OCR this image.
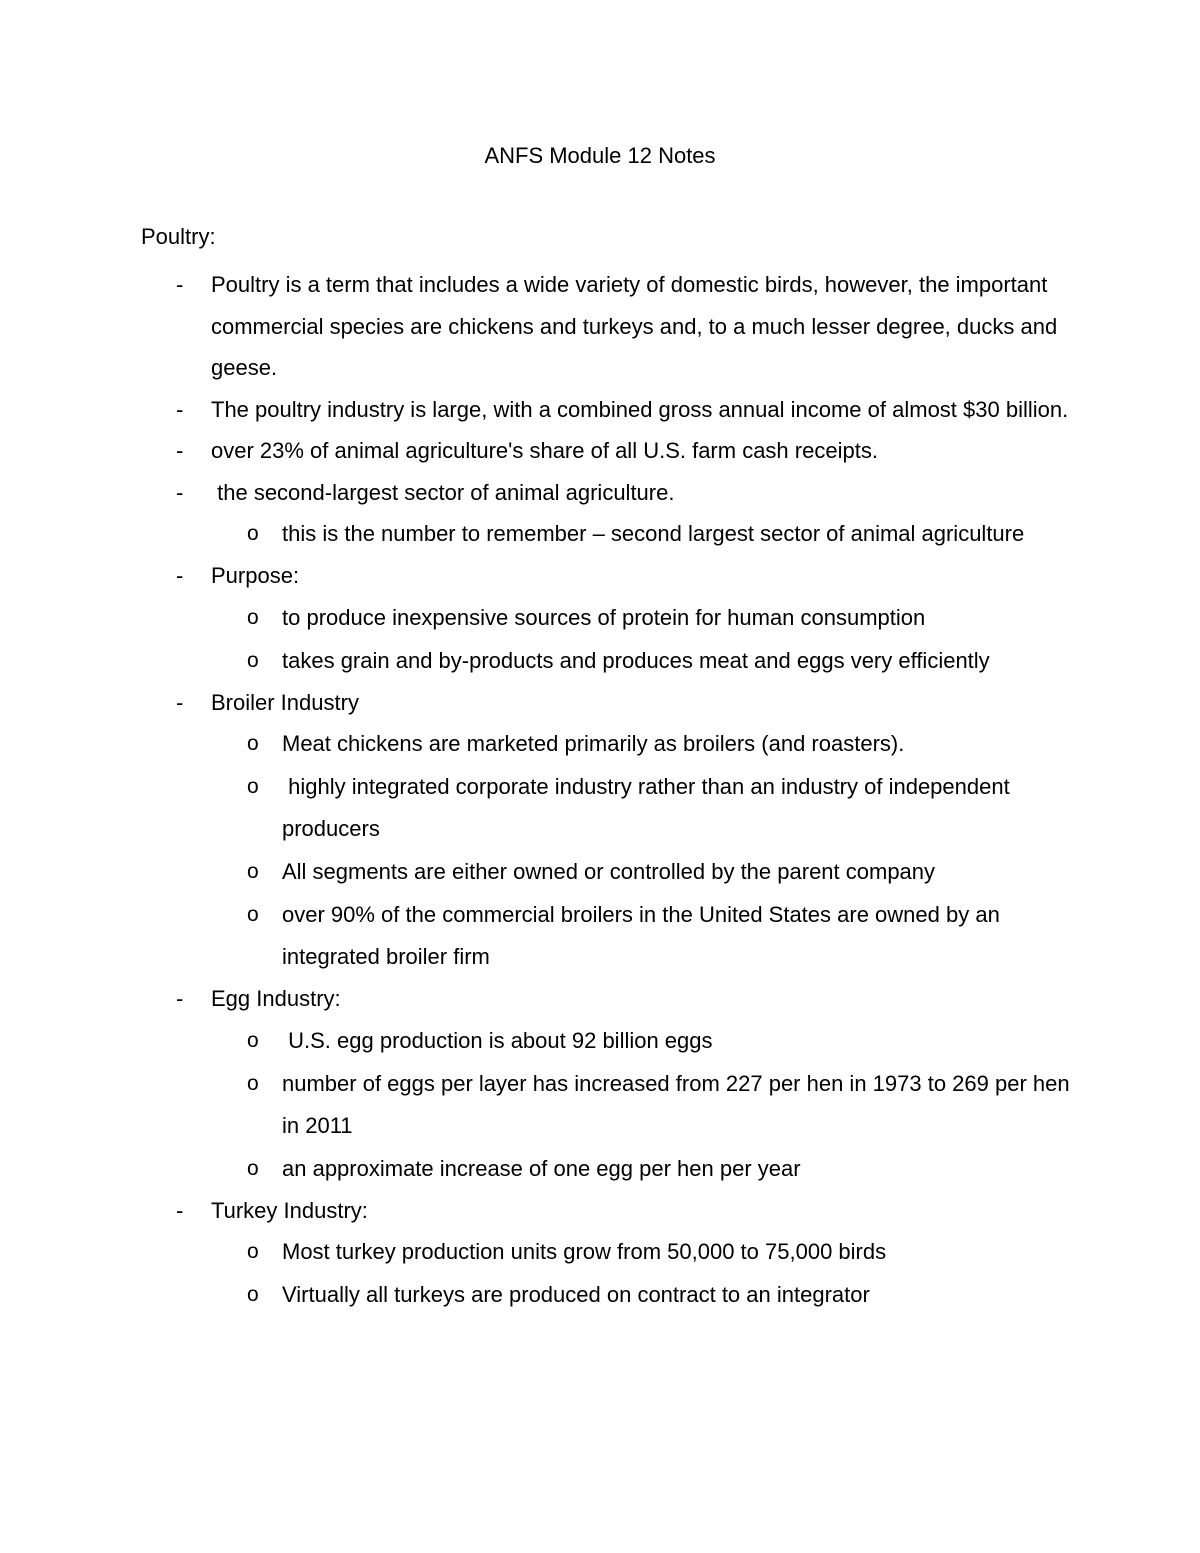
ANFS Module 12 Notes
Poultry:
- Poultry is a term that includes a wide variety of domestic birds, however, the important commercial species are chickens and turkeys and, to a much lesser degree, ducks and geese.
- The poultry industry is large, with a combined gross annual income of almost $30 billion.
- over 23% of animal agriculture's share of all U.S. farm cash receipts.
- the second-largest sector of animal agriculture.
o this is the number to remember – second largest sector of animal agriculture
- Purpose:
o to produce inexpensive sources of protein for human consumption
o takes grain and by-products and produces meat and eggs very efficiently
- Broiler Industry
o Meat chickens are marketed primarily as broilers (and roasters).
o highly integrated corporate industry rather than an industry of independent producers
o All segments are either owned or controlled by the parent company
o over 90% of the commercial broilers in the United States are owned by an integrated broiler firm
- Egg Industry:
o U.S. egg production is about 92 billion eggs
o number of eggs per layer has increased from 227 per hen in 1973 to 269 per hen in 2011
o an approximate increase of one egg per hen per year
- Turkey Industry:
o Most turkey production units grow from 50,000 to 75,000 birds
o Virtually all turkeys are produced on contract to an integrator
